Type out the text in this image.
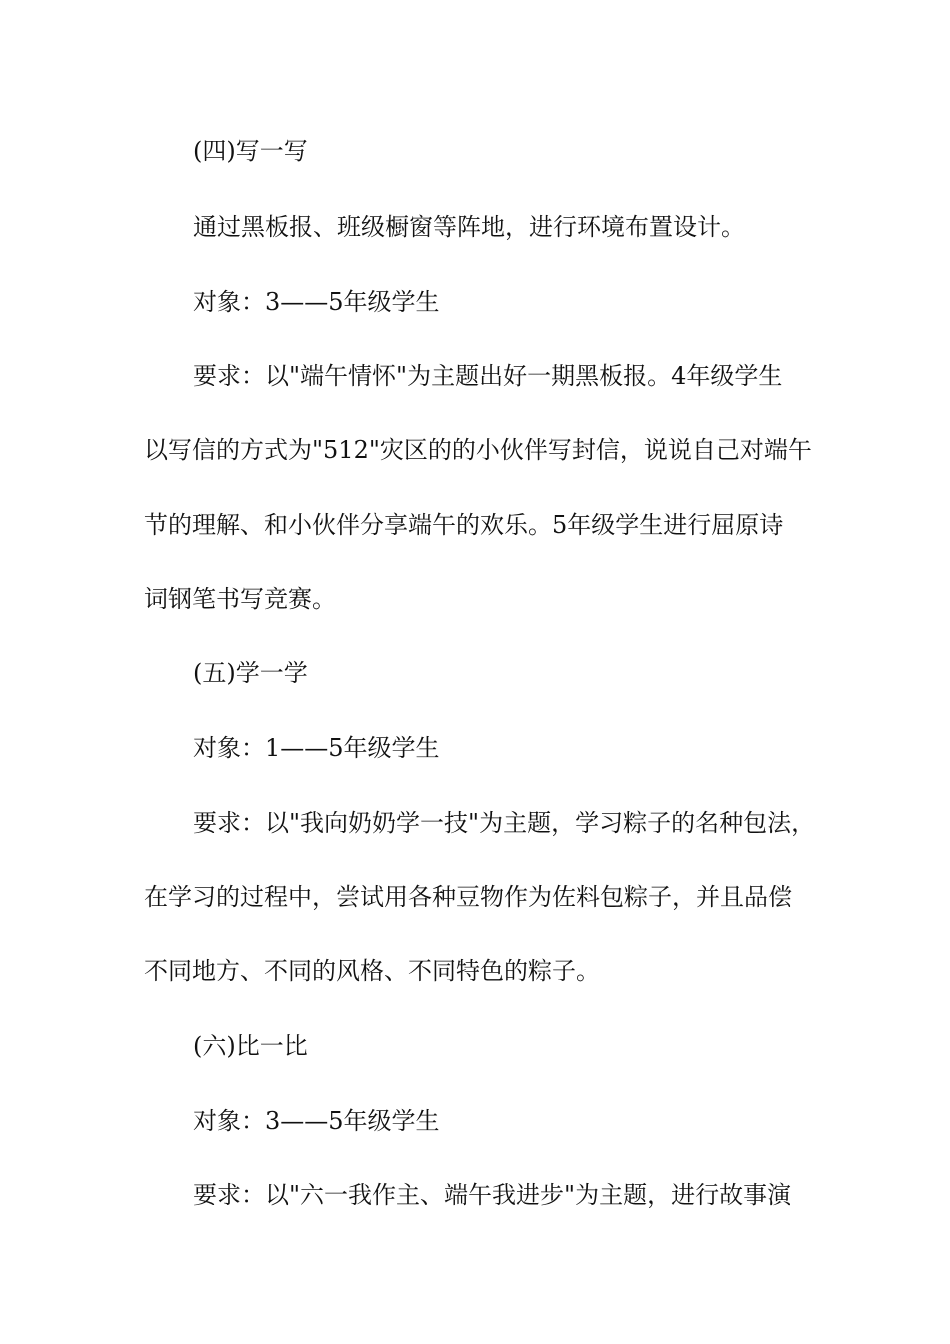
(四)写一写
通过黑板报、班级橱窗等阵地，进行环境布置设计。
对象：3——5年级学生
要求：以"端午情怀"为主题出好一期黑板报。4年级学生
以写信的方式为"512"灾区的的小伙伴写封信，说说自己对端午
节的理解、和小伙伴分享端午的欢乐。5年级学生进行屈原诗
词钢笔书写竞赛。
(五)学一学
对象：1——5年级学生
要求：以"我向奶奶学一技"为主题，学习粽子的名种包法，
在学习的过程中，尝试用各种豆物作为佐料包粽子，并且品偿
不同地方、不同的风格、不同特色的粽子。
(六)比一比
对象：3——5年级学生
要求：以"六一我作主、端午我进步"为主题，进行故事演
